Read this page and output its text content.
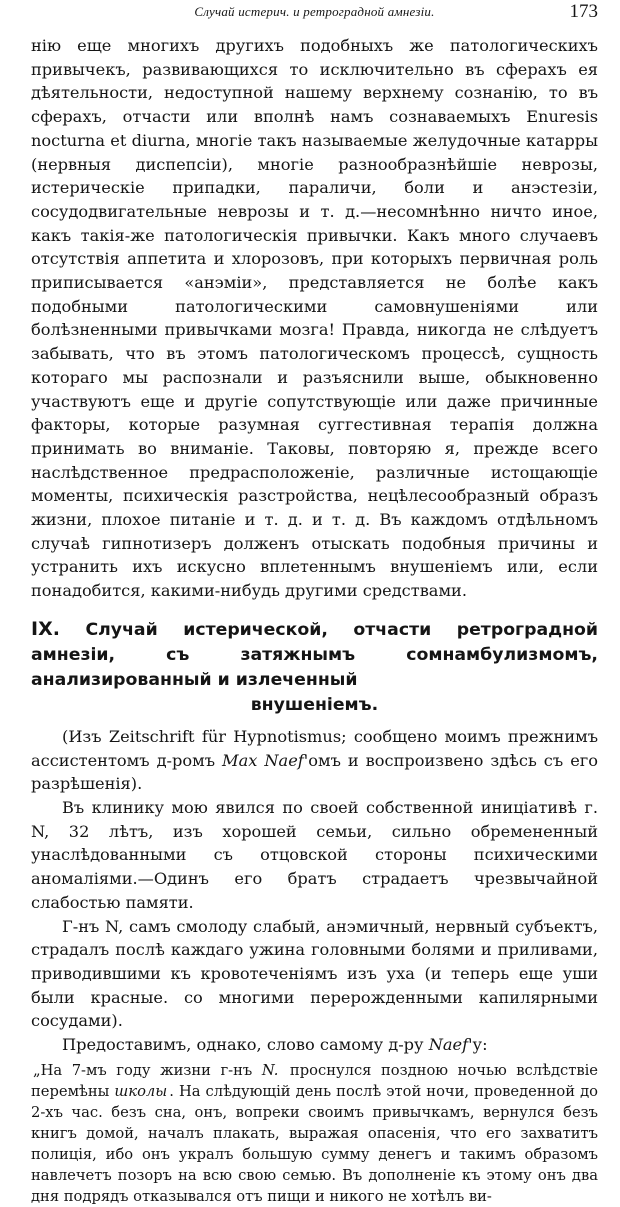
Случай истерич. и ретроградной амнезіи.	173

нію еще многихъ другихъ подобныхъ же патологическихъ привычекъ, развивающихся то исключительно въ сферахъ ея дѣятельности, недоступной нашему верхнему сознанію, то въ сферахъ, отчасти или вполнѣ намъ сознаваемыхъ Enuresis nocturna et diurna, многіе такъ называемые желудочные катарры (нервныя диспепсіи), многіе разнообразнѣйшіе неврозы, истерическіе припадки, параличи, боли и анэстезіи, сосудодвигательные неврозы и т. д.—несомнѣнно ничто иное, какъ такія-же патологическія привычки. Какъ много случаевъ отсутствія аппетита и хлорозовъ, при которыхъ первичная роль приписывается «анэміи», представляется не болѣе какъ подобными патологическими самовнушеніями или болѣзненными привычками мозга! Правда, никогда не слѣдуетъ забывать, что въ этомъ патологическомъ процессѣ, сущность котораго мы распознали и разъяснили выше, обыкновенно участвуютъ еще и другіе сопутствующіе или даже причинные факторы, которые разумная суггестивная терапія должна принимать во вниманіе. Таковы, повторяю я, прежде всего наслѣдственное предрасположеніе, различные истощающіе моменты, психическія разстройства, нецѣлесообразный образъ жизни, плохое питаніе и т. д. и т. д. Въ каждомъ отдѣльномъ случаѣ гипнотизеръ долженъ отыскать подобныя причины и устранить ихъ искусно вплетеннымъ внушеніемъ или, если понадобится, какими-нибудь другими средствами.

IX. Случай истерической, отчасти ретроградной амнезіи, съ затяжнымъ сомнамбулизмомъ, анализированный и излеченный
внушеніемъ.

(Изъ Zeitschrift für Hypnotismus; сообщено моимъ прежнимъ ассистентомъ д-ромъ Max Naef'омъ и воспроизвено здѣсь съ его разрѣшенія).

Въ клинику мою явился по своей собственной иниціативѣ г. N, 32 лѣтъ, изъ хорошей семьи, сильно обремененный унаслѣдованными съ отцовской стороны психическими аномаліями.—Одинъ его братъ страдаетъ чрезвычайной слабостью памяти.

Г-нъ N, самъ смолоду слабый, анэмичный, нервный субъектъ, страдалъ послѣ каждаго ужина головными болями и приливами, приводившими къ кровотеченіямъ изъ уха (и теперь еще уши были красные. со многими перерожденными капилярными сосудами).

Предоставимъ, однако, слово самому д-ру Naef'у:

„На 7-мъ году жизни г-нъ N. проснулся поздною ночью вслѣдствіе перемѣны школы . На слѣдующій день послѣ этой ночи, проведенной до 2-хъ час. безъ сна, онъ, вопреки своимъ привычкамъ, вернулся безъ книгъ домой, началъ плакать, выражая опасенія, что его захватитъ полиція, ибо онъ укралъ большую сумму денегъ и такимъ образомъ навлечетъ позоръ на всю свою семью. Въ дополненіе къ этому онъ два дня подрядъ отказывался отъ пищи и никого не хотѣлъ ви-
